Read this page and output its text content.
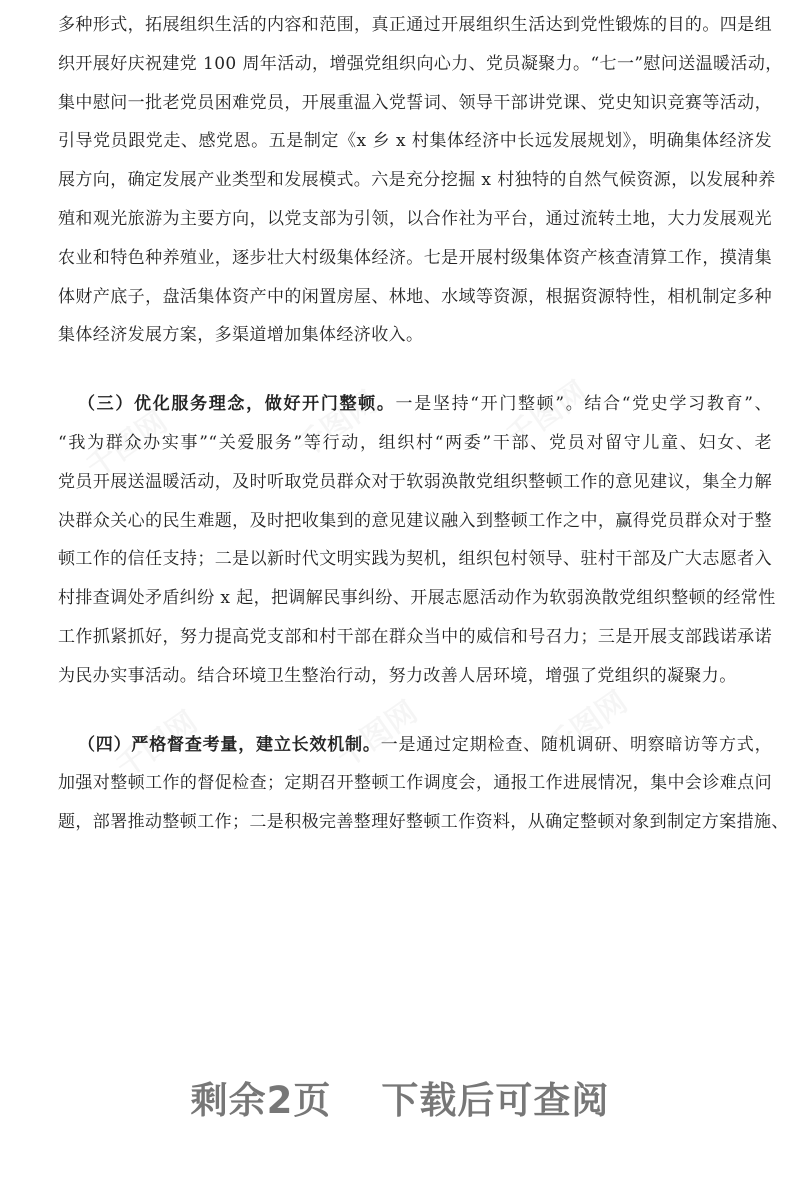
多种形式，拓展组织生活的内容和范围，真正通过开展组织生活达到党性锻炼的目的。四是组
织开展好庆祝建党 100 周年活动，增强党组织向心力、党员凝聚力。“七一”慰问送温暖活动，
集中慰问一批老党员困难党员，开展重温入党誓词、领导干部讲党课、党史知识竞赛等活动，
引导党员跟党走、感党恩。五是制定《x 乡 x 村集体经济中长远发展规划》，明确集体经济发
展方向，确定发展产业类型和发展模式。六是充分挖掘 x 村独特的自然气候资源，以发展种养
殖和观光旅游为主要方向，以党支部为引领，以合作社为平台，通过流转土地，大力发展观光
农业和特色种养殖业，逐步壮大村级集体经济。七是开展村级集体资产核查清算工作，摸清集
体财产底子，盘活集体资产中的闲置房屋、林地、水域等资源，根据资源特性，相机制定多种
集体经济发展方案，多渠道增加集体经济收入。
（三）优化服务理念，做好开门整顿。一是坚持“开门整顿”。结合“党史学习教育”、
“我为群众办实事”“关爱服务”等行动，组织村“两委”干部、党员对留守儿童、妇女、老
党员开展送温暖活动，及时听取党员群众对于软弱涣散党组织整顿工作的意见建议，集全力解
决群众关心的民生难题，及时把收集到的意见建议融入到整顿工作之中，赢得党员群众对于整
顿工作的信任支持；二是以新时代文明实践为契机，组织包村领导、驻村干部及广大志愿者入
村排查调处矛盾纠纷 x 起，把调解民事纠纷、开展志愿活动作为软弱涣散党组织整顿的经常性
工作抓紧抓好，努力提高党支部和村干部在群众当中的威信和号召力；三是开展支部践诺承诺
为民办实事活动。结合环境卫生整治行动，努力改善人居环境，增强了党组织的凝聚力。
（四）严格督查考量，建立长效机制。一是通过定期检查、随机调研、明察暗访等方式，
加强对整顿工作的督促检查；定期召开整顿工作调度会，通报工作进展情况，集中会诊难点问
题，部署推动整顿工作；二是积极完善整理好整顿工作资料，从确定整顿对象到制定方案措施、
剩余2页 下载后可查阅
